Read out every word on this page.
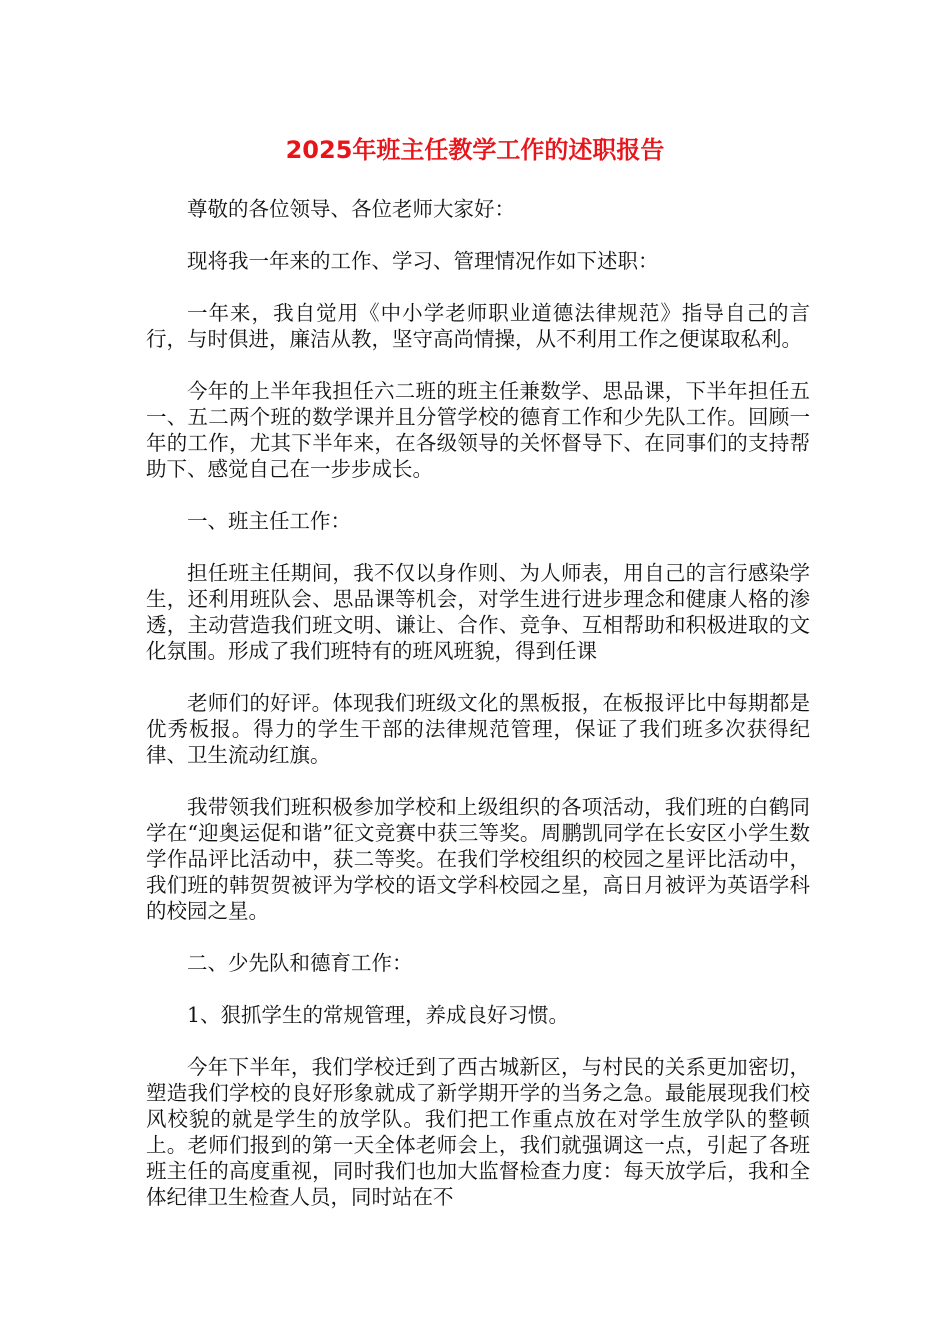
2025年班主任教学工作的述职报告

尊敬的各位领导、各位老师大家好：

现将我一年来的工作、学习、管理情况作如下述职：

一年来，我自觉用《中小学老师职业道德法律规范》指导自己的言行，与时俱进，廉洁从教，坚守高尚情操，从不利用工作之便谋取私利。

今年的上半年我担任六二班的班主任兼数学、思品课，下半年担任五一、五二两个班的数学课并且分管学校的德育工作和少先队工作。回顾一年的工作，尤其下半年来，在各级领导的关怀督导下、在同事们的支持帮助下、感觉自己在一步步成长。

一、班主任工作：

担任班主任期间，我不仅以身作则、为人师表，用自己的言行感染学生，还利用班队会、思品课等机会，对学生进行进步理念和健康人格的渗透，主动营造我们班文明、谦让、合作、竞争、互相帮助和积极进取的文化氛围。形成了我们班特有的班风班貌，得到任课

老师们的好评。体现我们班级文化的黑板报，在板报评比中每期都是优秀板报。得力的学生干部的法律规范管理，保证了我们班多次获得纪律、卫生流动红旗。

我带领我们班积极参加学校和上级组织的各项活动，我们班的白鹤同学在“迎奥运促和谐”征文竞赛中获三等奖。周鹏凯同学在长安区小学生数学作品评比活动中，获二等奖。在我们学校组织的校园之星评比活动中，我们班的韩贺贺被评为学校的语文学科校园之星，高日月被评为英语学科的校园之星。

二、少先队和德育工作：

1、狠抓学生的常规管理，养成良好习惯。

今年下半年，我们学校迁到了西古城新区，与村民的关系更加密切，塑造我们学校的良好形象就成了新学期开学的当务之急。最能展现我们校风校貌的就是学生的放学队。我们把工作重点放在对学生放学队的整顿上。老师们报到的第一天全体老师会上，我们就强调这一点，引起了各班班主任的高度重视，同时我们也加大监督检查力度：每天放学后，我和全体纪律卫生检查人员，同时站在不
